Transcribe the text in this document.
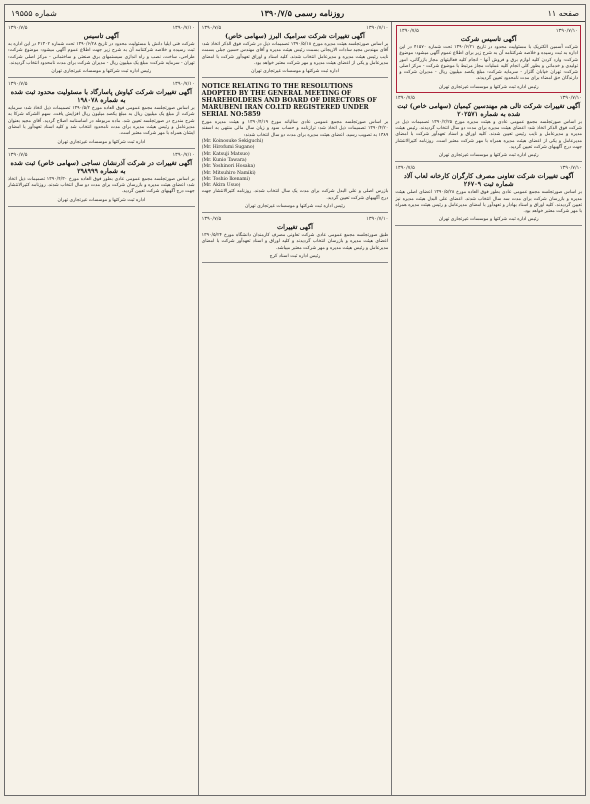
صفحه ۱۱
روزنامه رسمی ۱۳۹۰/۷/۵
شماره ۱۹۵۵۵
۱۳۹۰/۷/۵	۱۳۹۰/۷/۱۰
آگهی تاسیس شرکت
شرکت آسمین الکتریک با مسئولیت محدود در تاریخ ۱۳۹۰/۶/۲۱ تحت شماره ۴۱۵۷۰ در این اداره به ثبت رسیده و خلاصه شرکتنامه آن به شرح زیر برای اطلاع عموم آگهی میشود: موضوع شرکت: وارد کردن کلیه لوازم برق و فروش آنها - انجام کلیه فعالیتهای مجاز بازرگانی، امور تولیدی و خدماتی و بطور کلی انجام کلیه عملیات مجاز مرتبط با موضوع شرکت - مرکز اصلی شرکت: تهران خیابان گلزار - سرمایه شرکت: مبلغ یکصد میلیون ریال - مدیران شرکت و دارندگان حق امضاء برای مدت نامحدود تعیین گردیدند.
رئیس اداره ثبت شرکتها و موسسات غیرتجاری تهران
۱۳۹۰/۷/۵	۱۳۹۰/۷/۱۰
آگهی تغییرات شرکت تالی هم مهندسین کیمیان (سهامی خاص) ثبت شده به شماره ۲۰۲۵۷۱
بر اساس صورتجلسه مجمع عمومی عادی و هیئت مدیره مورخ ۱۳۹۰/۲/۲۵ تصمیمات ذیل در شرکت فوق الذکر اتخاذ شد: اعضای هیئت مدیره برای مدت دو سال انتخاب گردیدند. رئیس هیئت مدیره و مدیرعامل و نایب رئیس تعیین شدند. کلیه اوراق و اسناد تعهدآور شرکت با امضای مدیرعامل و یکی از اعضای هیئت مدیره همراه با مهر شرکت معتبر است. روزنامه کثیرالانتشار جهت درج آگهیهای شرکت تعیین گردید.
رئیس اداره ثبت شرکتها و موسسات غیرتجاری تهران
۱۳۹۰/۷/۵	۱۳۹۰/۷/۱۰
آگهی تغییرات شرکت تعاونی مصرف کارگران کارخانه لعاب آلاد شماره ثبت ۲۶۷۰۹
بر اساس صورتجلسه مجمع عمومی عادی بطور فوق العاده مورخ ۱۳۹۰/۵/۲۸ اعضای اصلی هیئت مدیره و بازرسان شرکت برای مدت سه سال انتخاب شدند. اعضای علی البدل هیئت مدیره نیز تعیین گردیدند. کلیه اوراق و اسناد بهادار و تعهدآور با امضای مدیرعامل و رئیس هیئت مدیره همراه با مهر شرکت معتبر خواهد بود.
رئیس اداره ثبت شرکتها و موسسات غیرتجاری تهران
۱۳۹۰/۷/۵	۱۳۹۰/۷/۱۰
آگهی تغییرات شرکت سرامیک البرز (سهامی خاص)
بر اساس صورتجلسه هیئت مدیره مورخ ۱۳۹۰/۵/۱۸ تصمیمات ذیل در شرکت فوق الذکر اتخاذ شد: آقای مهندس مجید سادات الاریجانی بسمت رئیس هیئت مدیره و آقای مهندس حسین جبلی بسمت نایب رئیس هیئت مدیره و مدیرعامل انتخاب شدند. کلیه اسناد و اوراق تعهدآور شرکت با امضای مدیرعامل و یکی از اعضای هیئت مدیره و مهر شرکت معتبر خواهد بود.
اداره ثبت شرکتها و موسسات غیرتجاری تهران
NOTICE RELATING TO THE RESOLUTIONS ADOPTED BY THE GENERAL MEETING OF SHAREHOLDERS AND BOARD OF DIRECTORS OF MARUBENI IRAN CO.LTD REGISTERED UNDER SERIAL NO:5859
بر اساس صورتجلسه مجمع عمومی عادی سالیانه مورخ ۱۳۹۰/۴/۱۹ و هیئت مدیره مورخ ۱۳۹۰/۴/۲۰ تصمیمات ذیل اتخاذ شد: ترازنامه و حساب سود و زیان سال مالی منتهی به اسفند ۱۳۸۹ به تصویب رسید. اعضای هیئت مدیره برای مدت دو سال انتخاب شدند:
(Mr. Koinosuke Sekiguchi)
(Mr. Hirofumi Sugano)
(Mr. Katsuji Matsuo)
(Mr. Kunio Tawara)
(Mr. Yoshinori Hosaka)
(Mr. Mitsuhiro Namiki)
(Mr. Toshio Ikenami)
(Mr. Akira Usuo)
بازرس اصلی و علی البدل شرکت برای مدت یک سال انتخاب شدند. روزنامه کثیرالانتشار جهت درج آگهیهای شرکت تعیین گردید.
رئیس اداره ثبت شرکتها و موسسات غیرتجاری تهران
۱۳۹۰/۷/۵	۱۳۹۰/۷/۱۰
آگهی تغییرات
طبق صورتجلسه مجمع عمومی عادی شرکت تعاونی مصرف کارمندان دانشگاه مورخ ۱۳۹۰/۵/۲۴ اعضای هیئت مدیره و بازرسان انتخاب گردیدند و کلیه اوراق و اسناد تعهدآور شرکت با امضای مدیرعامل و رئیس هیئت مدیره و مهر شرکت معتبر میباشد.
رئیس اداره ثبت اسناد کرج
۱۳۹۰/۷/۵	۱۳۹۰/۷/۱۰
آگهی تاسیس
شرکت فنی ایلیا دانش با مسئولیت محدود در تاریخ ۱۳۹۰/۶/۲۸ تحت شماره ۴۱۳۰۲ در این اداره به ثبت رسیده و خلاصه شرکتنامه آن به شرح زیر جهت اطلاع عموم آگهی میشود: موضوع شرکت: طراحی، ساخت، نصب و راه اندازی سیستمهای برق صنعتی و ساختمانی - مرکز اصلی شرکت: تهران - سرمایه شرکت: مبلغ یک میلیون ریال - مدیران شرکت برای مدت نامحدود انتخاب گردیدند.
رئیس اداره ثبت شرکتها و موسسات غیرتجاری تهران
۱۳۹۰/۷/۵	۱۳۹۰/۷/۱۰
آگهی تغییرات شرکت کیاوش پاسارگاد با مسئولیت محدود ثبت شده به شماره ۱۹۸۰۷۸
بر اساس صورتجلسه مجمع عمومی فوق العاده مورخ ۱۳۹۰/۵/۲ تصمیمات ذیل اتخاذ شد: سرمایه شرکت از مبلغ یک میلیون ریال به مبلغ یکصد میلیون ریال افزایش یافت. سهم الشرکه شرکا به شرح مندرج در صورتجلسه تعیین شد. ماده مربوطه در اساسنامه اصلاح گردید. آقای مجید بعنوان مدیرعامل و رئیس هیئت مدیره برای مدت نامحدود انتخاب شد و کلیه اسناد تعهدآور با امضای ایشان همراه با مهر شرکت معتبر است.
اداره ثبت شرکتها و موسسات غیرتجاری تهران
۱۳۹۰/۷/۵	۱۳۹۰/۷/۱۰
آگهی تغییرات در شرکت آذرنشان نساجی (سهامی خاص) ثبت شده به شماره ۲۹۸۹۹۹
بر اساس صورتجلسه مجمع عمومی عادی بطور فوق العاده مورخ ۱۳۹۰/۴/۳۰ تصمیمات ذیل اتخاذ شد: اعضای هیئت مدیره و بازرسان شرکت برای مدت دو سال انتخاب شدند. روزنامه کثیرالانتشار جهت درج آگهیهای شرکت تعیین گردید.
اداره ثبت شرکتها و موسسات غیرتجاری تهران
